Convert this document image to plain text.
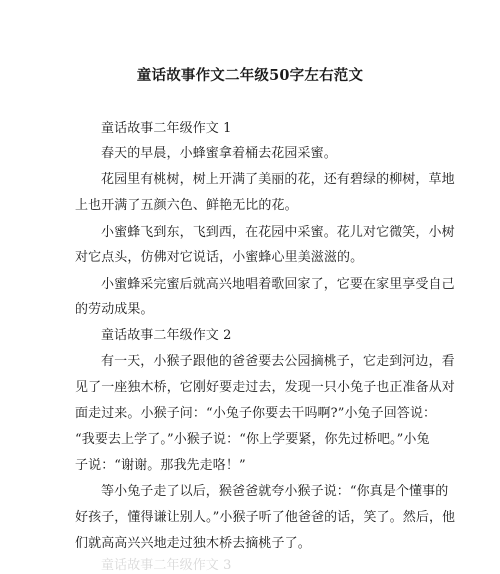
童话故事作文二年级50字左右范文
童话故事二年级作文 1
春天的早晨，小蜂蜜拿着桶去花园采蜜。
花园里有桃树，树上开满了美丽的花，还有碧绿的柳树，草地
上也开满了五颜六色、鲜艳无比的花。
小蜜蜂飞到东，飞到西，在花园中采蜜。花儿对它微笑，小树
对它点头，仿佛对它说话，小蜜蜂心里美滋滋的。
小蜜蜂采完蜜后就高兴地唱着歌回家了，它要在家里享受自己
的劳动成果。
童话故事二年级作文 2
有一天，小猴子跟他的爸爸要去公园摘桃子，它走到河边，看
见了一座独木桥，它刚好要走过去，发现一只小兔子也正准备从对
面走过来。小猴子问：“小兔子你要去干吗啊?”小兔子回答说：
“我要去上学了。”小猴子说：“你上学要紧，你先过桥吧。”小兔
子说：“谢谢。那我先走咯！”
等小兔子走了以后，猴爸爸就夸小猴子说：“你真是个懂事的
好孩子，懂得谦让别人。”小猴子听了他爸爸的话，笑了。然后，他
们就高高兴兴地走过独木桥去摘桃子了。
童话故事二年级作文 3
